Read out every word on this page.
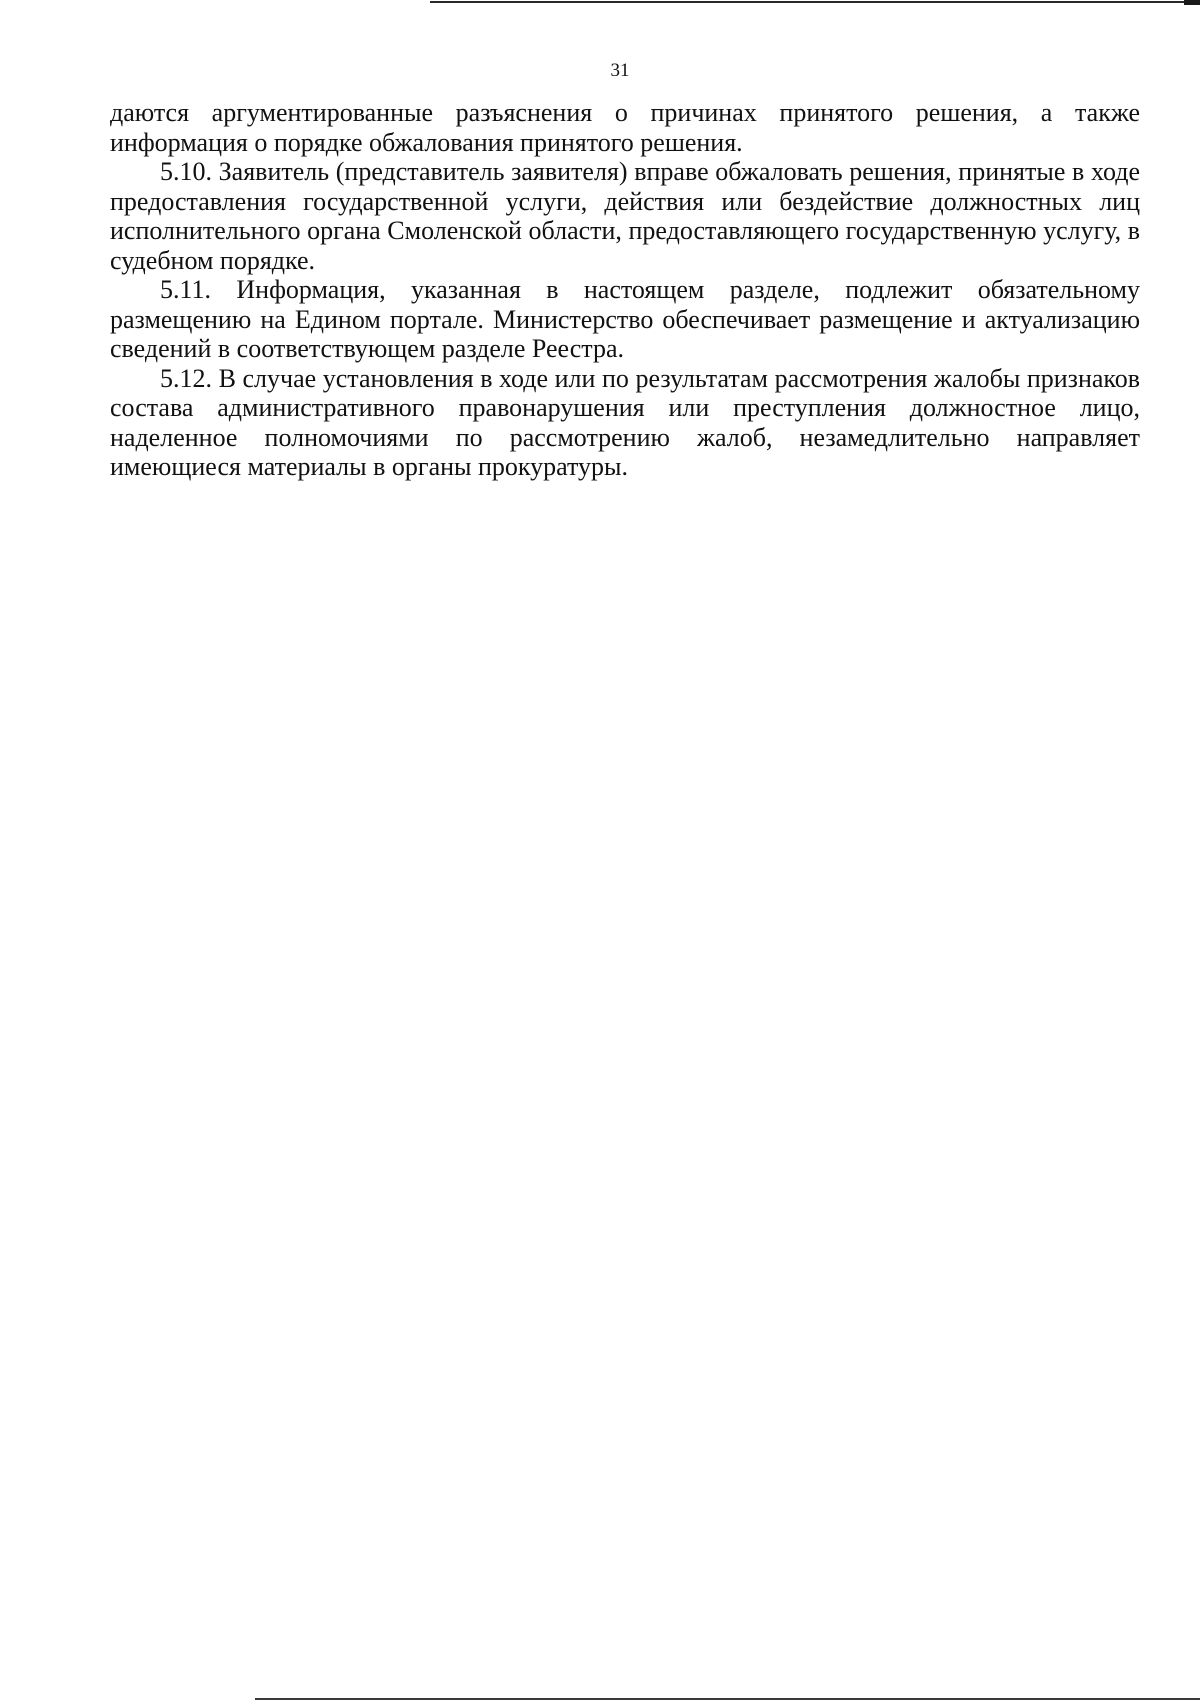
31

даются аргументированные разъяснения о причинах принятого решения, а также информация о порядке обжалования принятого решения.

5.10. Заявитель (представитель заявителя) вправе обжаловать решения, принятые в ходе предоставления государственной услуги, действия или бездействие должностных лиц исполнительного органа Смоленской области, предоставляющего государственную услугу, в судебном порядке.

5.11. Информация, указанная в настоящем разделе, подлежит обязательному размещению на Едином портале. Министерство обеспечивает размещение и актуализацию сведений в соответствующем разделе Реестра.

5.12. В случае установления в ходе или по результатам рассмотрения жалобы признаков состава административного правонарушения или преступления должностное лицо, наделенное полномочиями по рассмотрению жалоб, незамедлительно направляет имеющиеся материалы в органы прокуратуры.
